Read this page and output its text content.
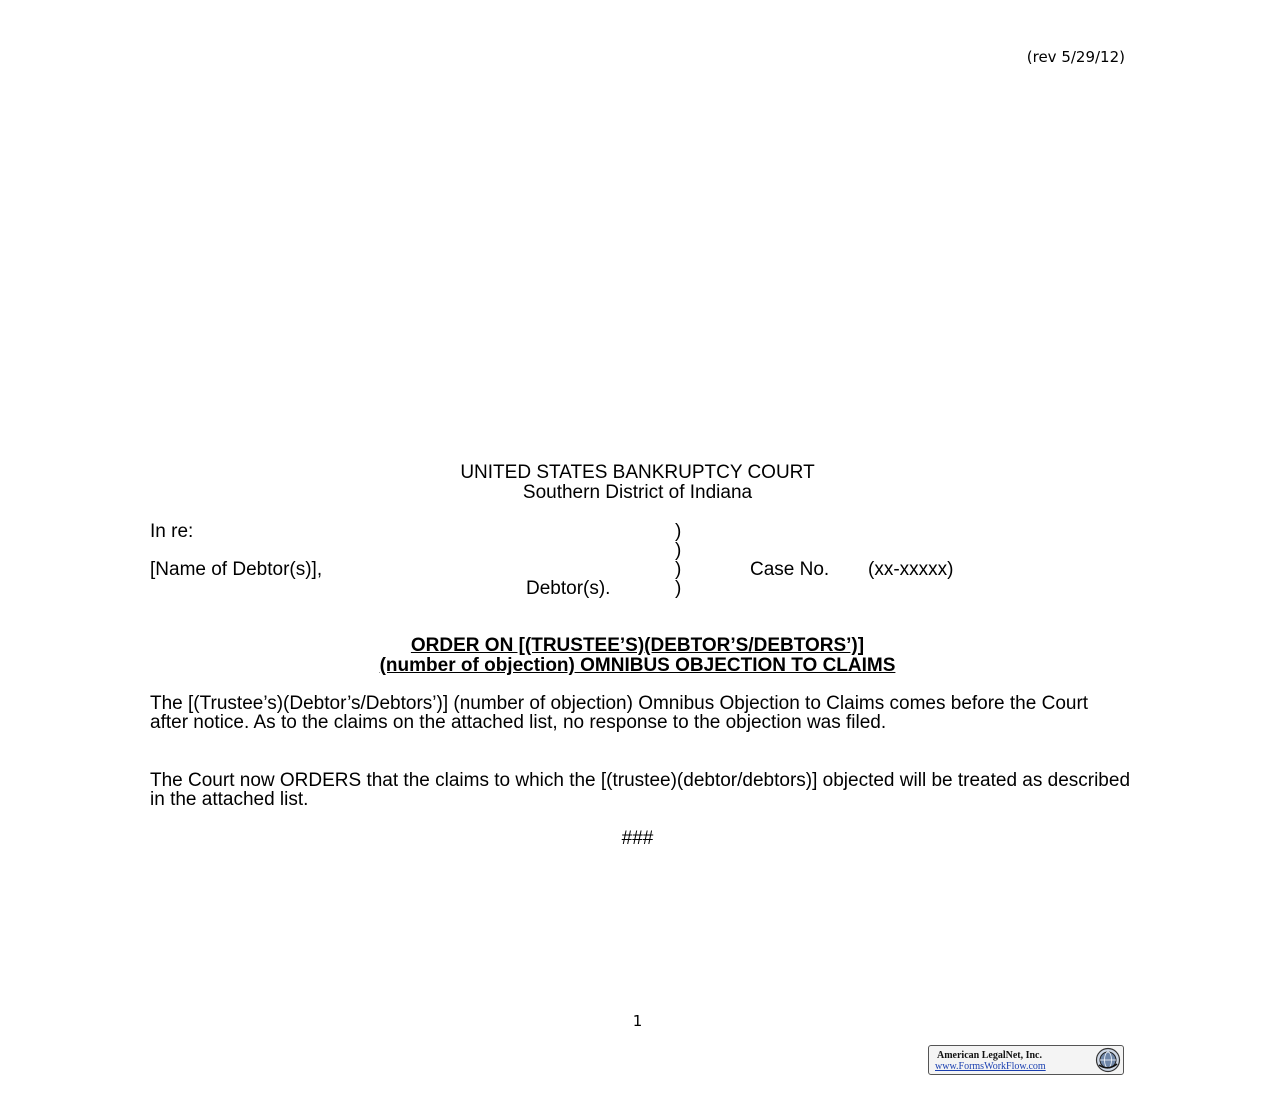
(rev 5/29/12)
UNITED STATES BANKRUPTCY COURT
Southern District of Indiana
In re:
[Name of Debtor(s)],
Debtor(s).
)
)
)
)
Case No. (xx-xxxxx)
ORDER ON [(TRUSTEE’S)(DEBTOR’S/DEBTORS’)]
(number of objection) OMNIBUS OBJECTION TO CLAIMS

The [(Trustee’s)(Debtor’s/Debtors’)] (number of objection) Omnibus Objection to Claims comes before the Court after notice. As to the claims on the attached list, no response to the objection was filed.

The Court now ORDERS that the claims to which the [(trustee)(debtor/debtors)] objected will be treated as described in the attached list.

###
1
American LegalNet, Inc.
www.FormsWorkFlow.com
